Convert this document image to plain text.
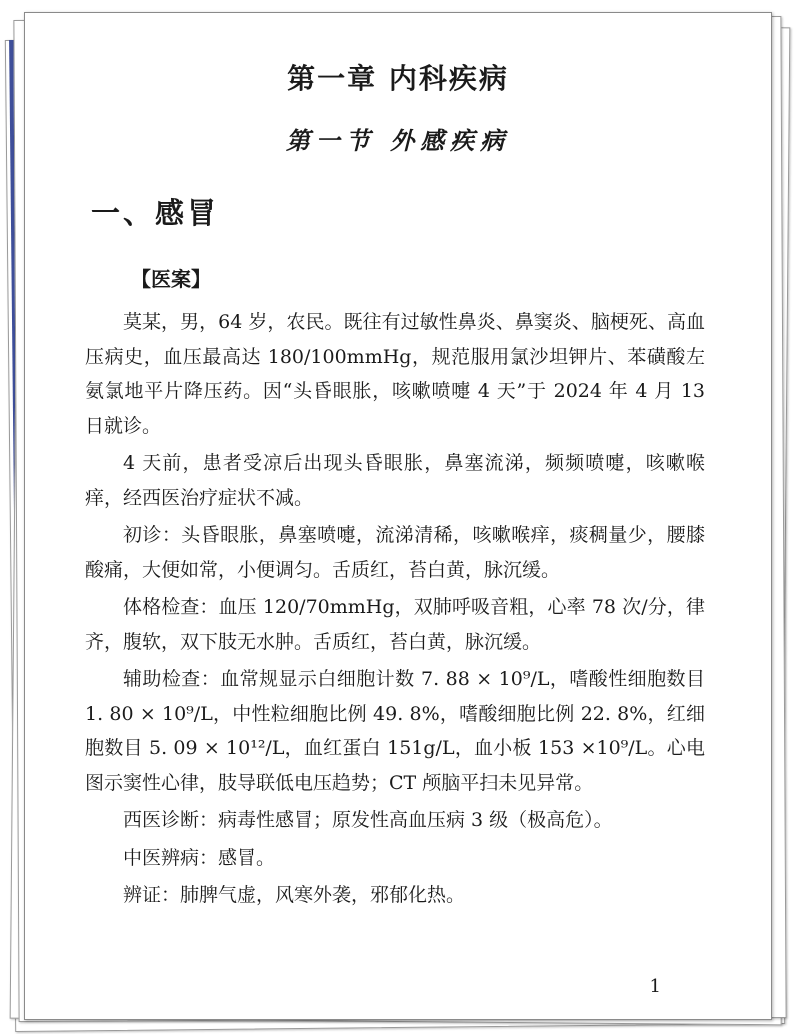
第一章 内科疾病
第一节 外感疾病
一、感冒
【医案】

莫某，男，64 岁，农民。既往有过敏性鼻炎、鼻窦炎、脑梗死、高血压病史，血压最高达 180/100mmHg，规范服用氯沙坦钾片、苯磺酸左氨氯地平片降压药。因“头昏眼胀，咳嗽喷嚏 4 天”于 2024 年 4 月 13 日就诊。

4 天前，患者受凉后出现头昏眼胀，鼻塞流涕，频频喷嚏，咳嗽喉痒，经西医治疗症状不减。

初诊：头昏眼胀，鼻塞喷嚏，流涕清稀，咳嗽喉痒，痰稠量少，腰膝酸痛，大便如常，小便调匀。舌质红，苔白黄，脉沉缓。

体格检查：血压 120/70mmHg，双肺呼吸音粗，心率 78 次/分，律齐，腹软，双下肢无水肿。舌质红，苔白黄，脉沉缓。

辅助检查：血常规显示白细胞计数 7. 88 × 10⁹/L，嗜酸性细胞数目 1. 80 × 10⁹/L，中性粒细胞比例 49. 8%，嗜酸细胞比例 22. 8%，红细胞数目 5. 09 × 10¹²/L，血红蛋白 151g/L，血小板 153 ×10⁹/L。心电图示窦性心律，肢导联低电压趋势；CT 颅脑平扫未见异常。

西医诊断：病毒性感冒；原发性高血压病 3 级（极高危）。

中医辨病：感冒。

辨证：肺脾气虚，风寒外袭，邪郁化热。

1
